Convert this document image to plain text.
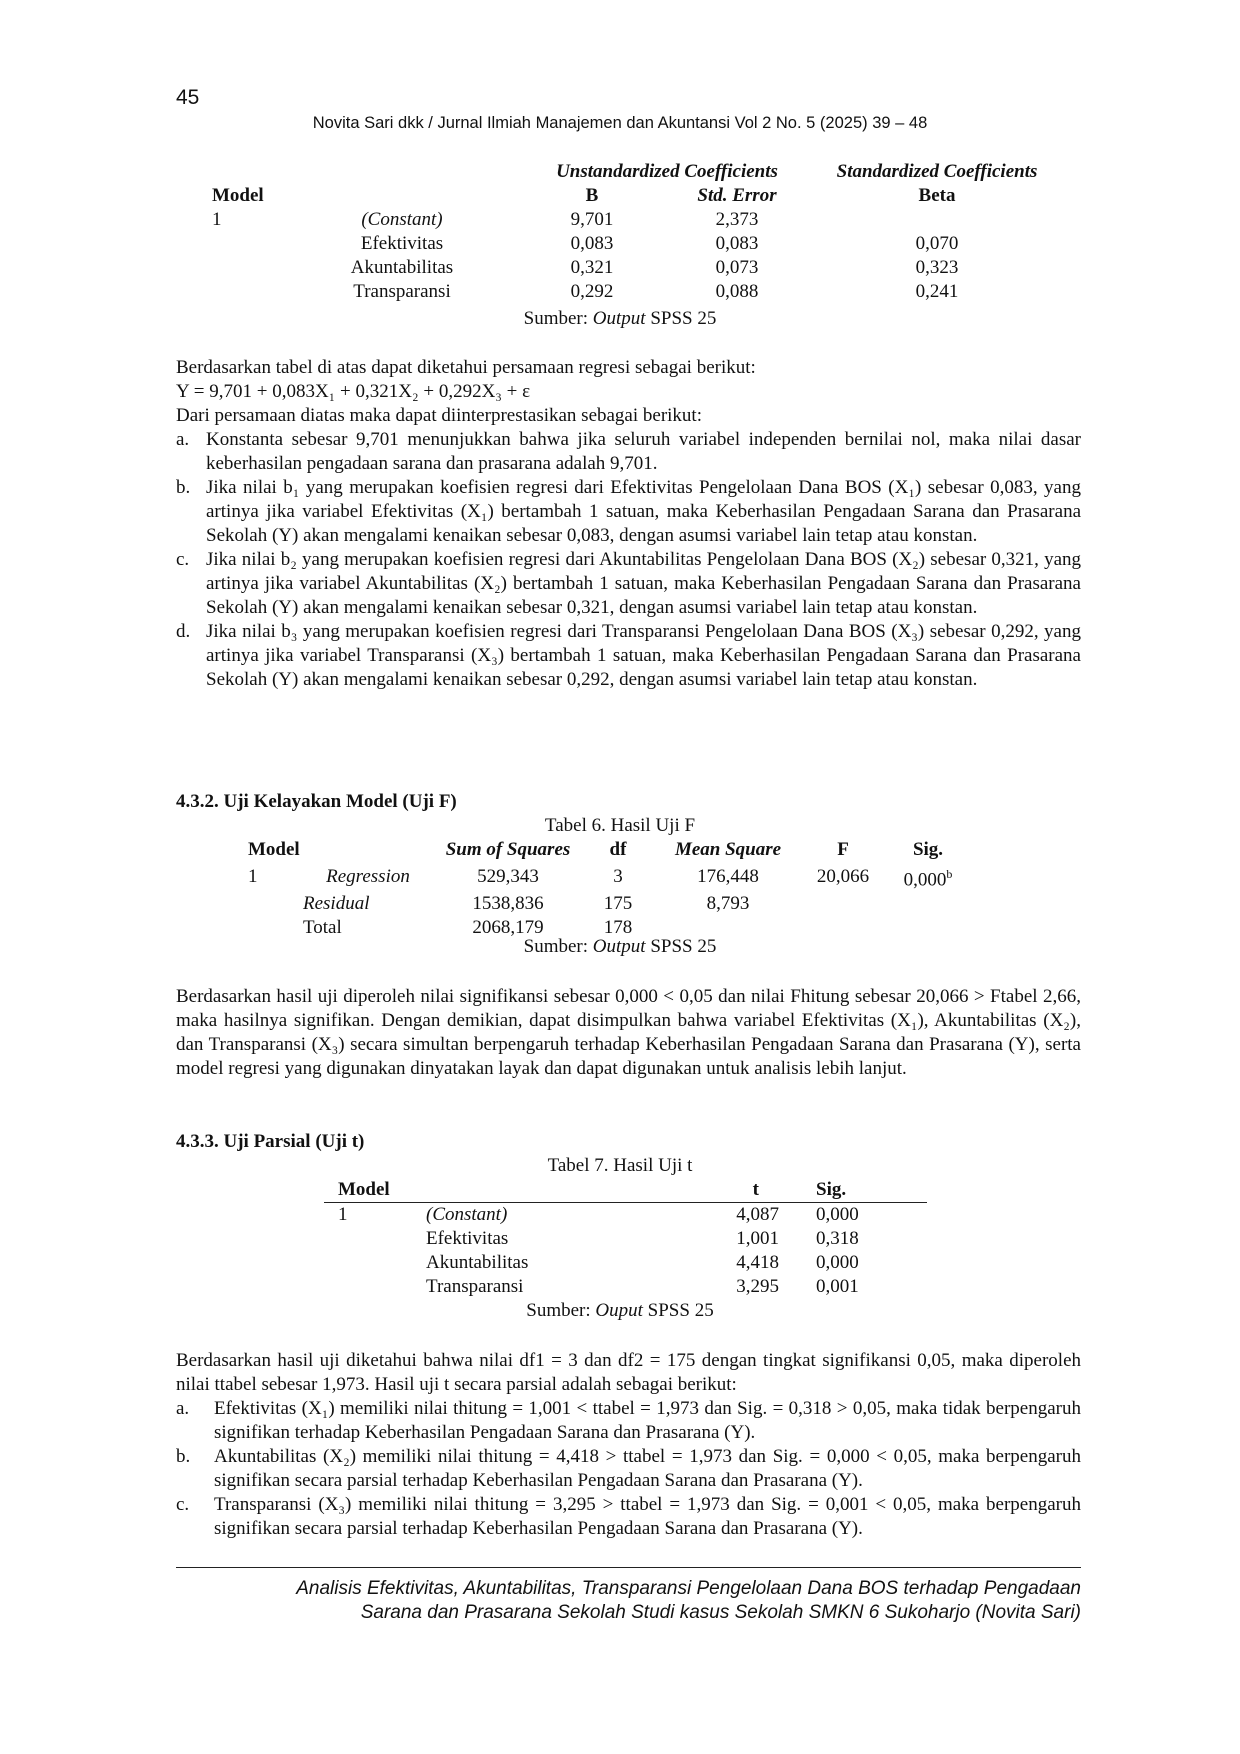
45
Novita Sari dkk / Jurnal Ilmiah Manajemen dan Akuntansi Vol 2 No. 5 (2025) 39 – 48
		Unstandardized Coefficients		Standardized Coefficients
Model		B	Std. Error	Beta
1	(Constant)	9,701	2,373	
	Efektivitas	0,083	0,083	0,070
	Akuntabilitas	0,321	0,073	0,323
	Transparansi	0,292	0,088	0,241
Sumber: Output SPSS 25

Berdasarkan tabel di atas dapat diketahui persamaan regresi sebagai berikut:

Y = 9,701 + 0,083X₁ + 0,321X₂ + 0,292X₃ + ε

Dari persamaan diatas maka dapat diinterprestasikan sebagai berikut:

a. Konstanta sebesar 9,701 menunjukkan bahwa jika seluruh variabel independen bernilai nol, maka nilai dasar keberhasilan pengadaan sarana dan prasarana adalah 9,701.
b. Jika nilai b₁ yang merupakan koefisien regresi dari Efektivitas Pengelolaan Dana BOS (X₁) sebesar 0,083, yang artinya jika variabel Efektivitas (X₁) bertambah 1 satuan, maka Keberhasilan Pengadaan Sarana dan Prasarana Sekolah (Y) akan mengalami kenaikan sebesar 0,083, dengan asumsi variabel lain tetap atau konstan.
c. Jika nilai b₂ yang merupakan koefisien regresi dari Akuntabilitas Pengelolaan Dana BOS (X₂) sebesar 0,321, yang artinya jika variabel Akuntabilitas (X₂) bertambah 1 satuan, maka Keberhasilan Pengadaan Sarana dan Prasarana Sekolah (Y) akan mengalami kenaikan sebesar 0,321, dengan asumsi variabel lain tetap atau konstan.
d. Jika nilai b₃ yang merupakan koefisien regresi dari Transparansi Pengelolaan Dana BOS (X₃) sebesar 0,292, yang artinya jika variabel Transparansi (X₃) bertambah 1 satuan, maka Keberhasilan Pengadaan Sarana dan Prasarana Sekolah (Y) akan mengalami kenaikan sebesar 0,292, dengan asumsi variabel lain tetap atau konstan.
4.3.2. Uji Kelayakan Model (Uji F)
Tabel 6. Hasil Uji F
Model		Sum of Squares	df	Mean Square	F	Sig.
1	Regression	529,343	3	176,448	20,066	0,000$^b$
	Residual	1538,836	175	8,793		
	Total	2068,179	178			
Sumber: Output SPSS 25
Berdasarkan hasil uji diperoleh nilai signifikansi sebesar 0,000 < 0,05 dan nilai Fhitung sebesar 20,066 > Ftabel 2,66, maka hasilnya signifikan. Dengan demikian, dapat disimpulkan bahwa variabel Efektivitas (X₁), Akuntabilitas (X₂), dan Transparansi (X₃) secara simultan berpengaruh terhadap Keberhasilan Pengadaan Sarana dan Prasarana (Y), serta model regresi yang digunakan dinyatakan layak dan dapat digunakan untuk analisis lebih lanjut.
4.3.3. Uji Parsial (Uji t)
Tabel 7. Hasil Uji t
Model		t	Sig.
1	(Constant)	4,087	0,000
	Efektivitas	1,001	0,318
	Akuntabilitas	4,418	0,000
	Transparansi	3,295	0,001
Sumber: Ouput SPSS 25

Berdasarkan hasil uji diketahui bahwa nilai df1 = 3 dan df2 = 175 dengan tingkat signifikansi 0,05, maka diperoleh nilai ttabel sebesar 1,973. Hasil uji t secara parsial adalah sebagai berikut:

a. Efektivitas (X₁) memiliki nilai thitung = 1,001 < ttabel = 1,973 dan Sig. = 0,318 > 0,05, maka tidak berpengaruh signifikan terhadap Keberhasilan Pengadaan Sarana dan Prasarana (Y).
b. Akuntabilitas (X₂) memiliki nilai thitung = 4,418 > ttabel = 1,973 dan Sig. = 0,000 < 0,05, maka berpengaruh signifikan secara parsial terhadap Keberhasilan Pengadaan Sarana dan Prasarana (Y).
c. Transparansi (X₃) memiliki nilai thitung = 3,295 > ttabel = 1,973 dan Sig. = 0,001 < 0,05, maka berpengaruh signifikan secara parsial terhadap Keberhasilan Pengadaan Sarana dan Prasarana (Y).
Analisis Efektivitas, Akuntabilitas, Transparansi Pengelolaan Dana BOS terhadap Pengadaan
Sarana dan Prasarana Sekolah Studi kasus Sekolah SMKN 6 Sukoharjo (Novita Sari)
